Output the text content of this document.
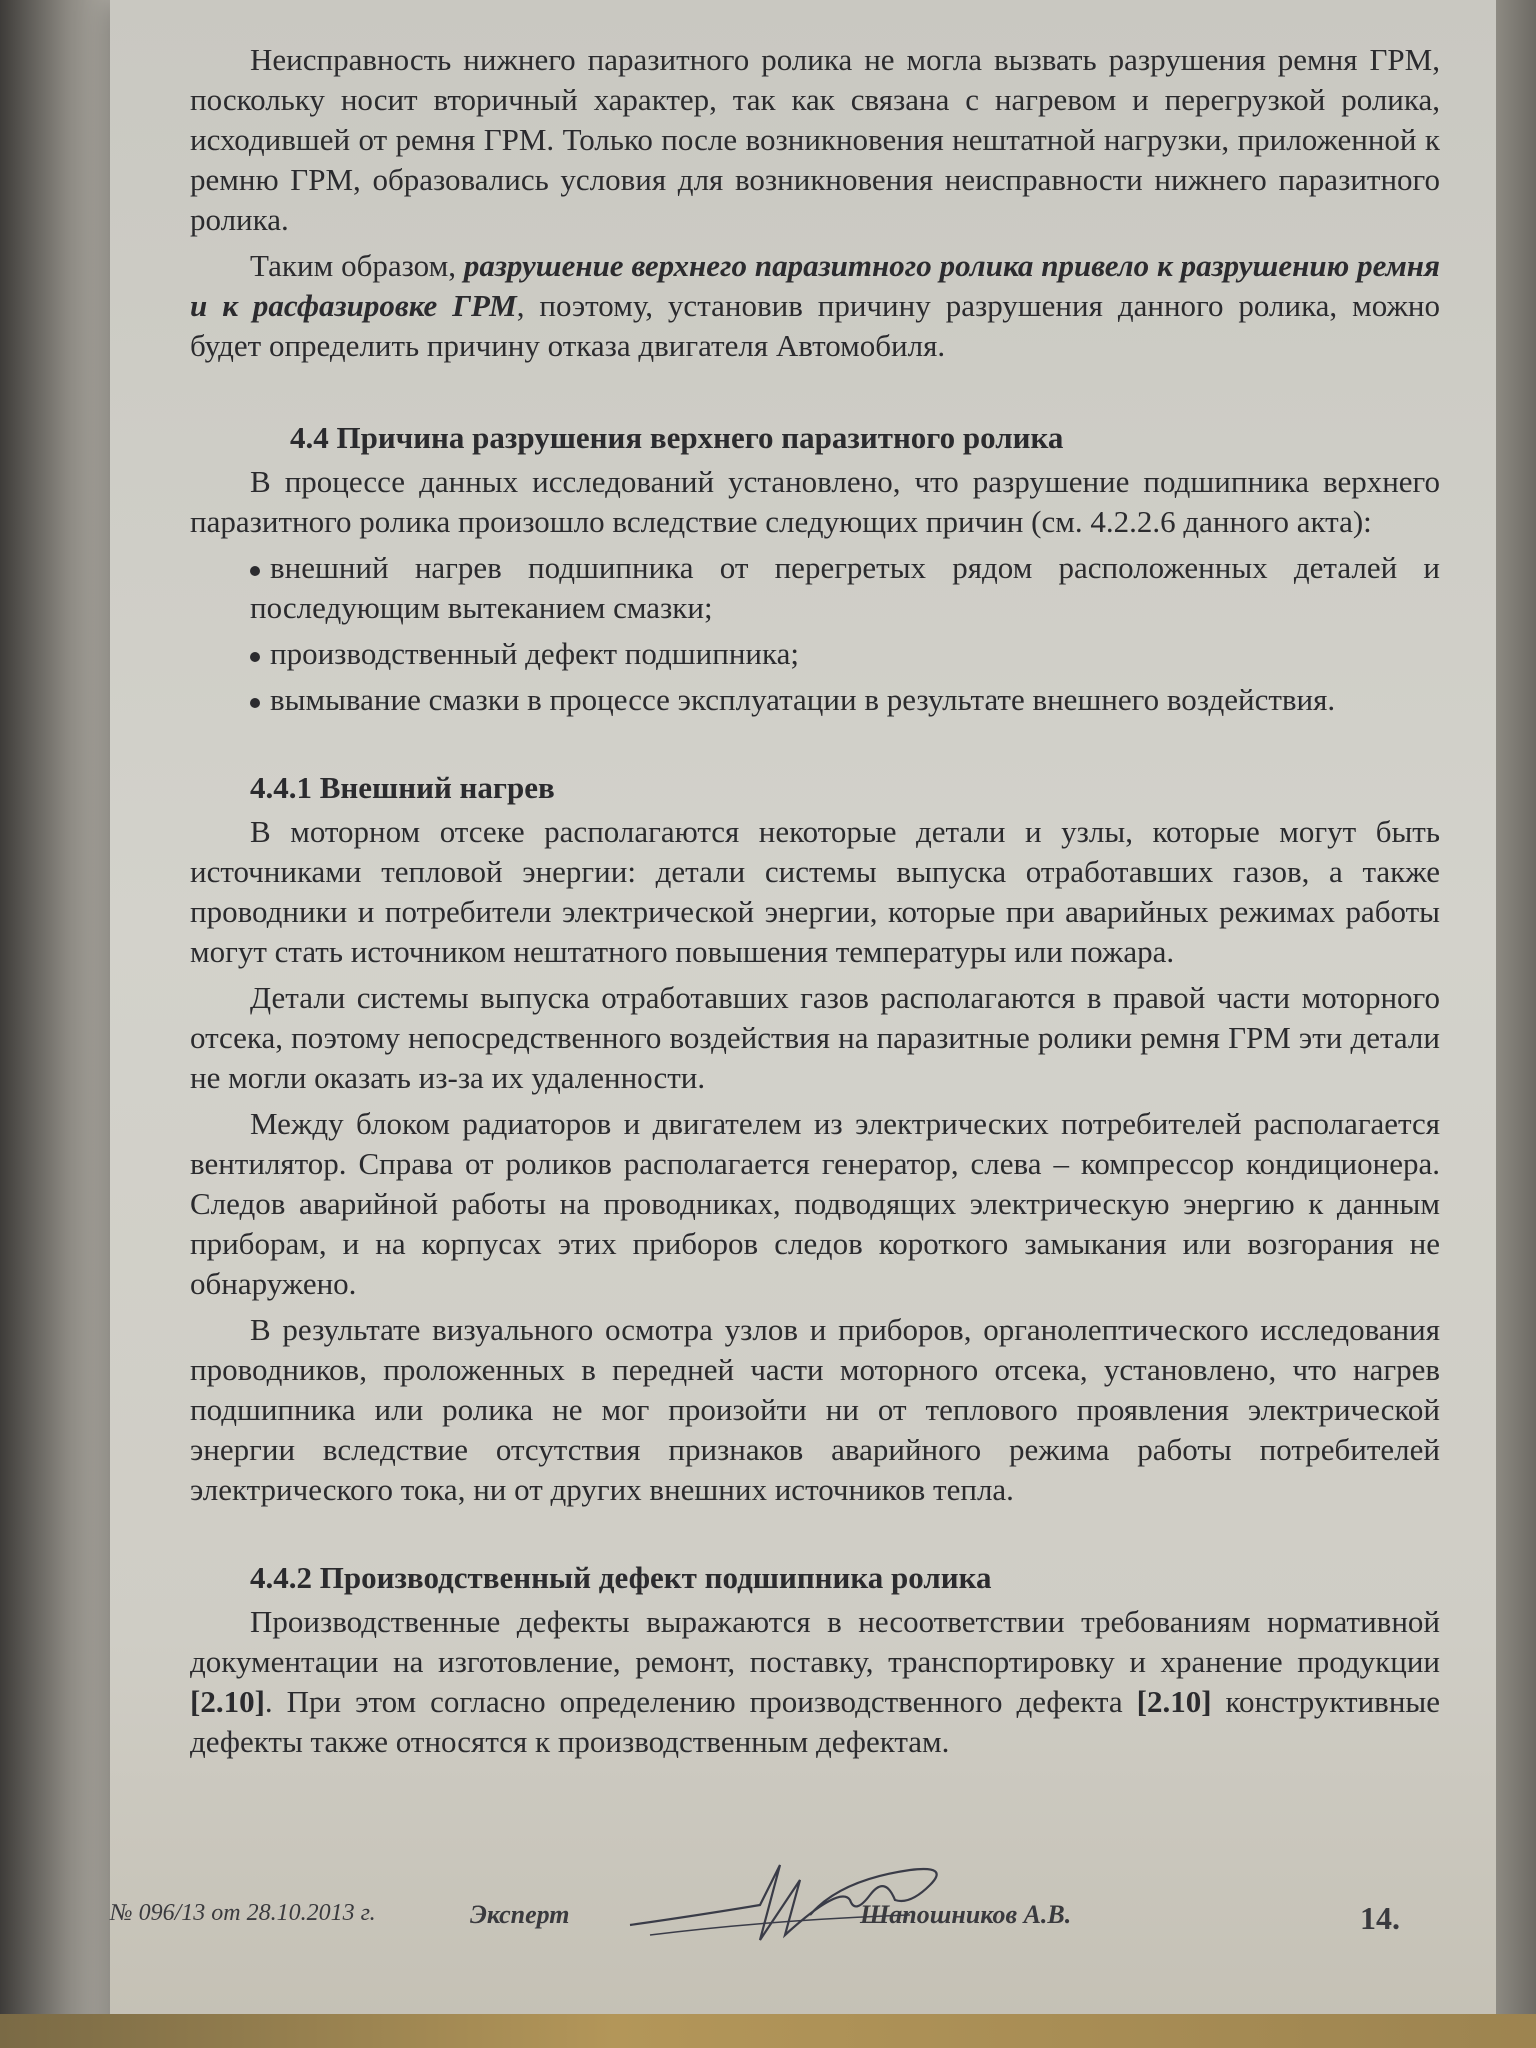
Неисправность нижнего паразитного ролика не могла вызвать разрушения ремня ГРМ, поскольку носит вторичный характер, так как связана с нагревом и перегрузкой ролика, исходившей от ремня ГРМ. Только после возникновения нештатной нагрузки, приложенной к ремню ГРМ, образовались условия для возникновения неисправности нижнего паразитного ролика.

Таким образом, разрушение верхнего паразитного ролика привело к разрушению ремня и к расфазировке ГРМ, поэтому, установив причину разрушения данного ролика, можно будет определить причину отказа двигателя Автомобиля.

4.4 Причина разрушения верхнего паразитного ролика

В процессе данных исследований установлено, что разрушение подшипника верхнего паразитного ролика произошло вследствие следующих причин (см. 4.2.2.6 данного акта):

внешний нагрев подшипника от перегретых рядом расположенных деталей и последующим вытеканием смазки;
производственный дефект подшипника;
вымывание смазки в процессе эксплуатации в результате внешнего воздействия.
4.4.1 Внешний нагрев

В моторном отсеке располагаются некоторые детали и узлы, которые могут быть источниками тепловой энергии: детали системы выпуска отработавших газов, а также проводники и потребители электрической энергии, которые при аварийных режимах работы могут стать источником нештатного повышения температуры или пожара.

Детали системы выпуска отработавших газов располагаются в правой части моторного отсека, поэтому непосредственного воздействия на паразитные ролики ремня ГРМ эти детали не могли оказать из-за их удаленности.

Между блоком радиаторов и двигателем из электрических потребителей располагается вентилятор. Справа от роликов располагается генератор, слева – компрессор кондиционера. Следов аварийной работы на проводниках, подводящих электрическую энергию к данным приборам, и на корпусах этих приборов следов короткого замыкания или возгорания не обнаружено.

В результате визуального осмотра узлов и приборов, органолептического исследования проводников, проложенных в передней части моторного отсека, установлено, что нагрев подшипника или ролика не мог произойти ни от теплового проявления электрической энергии вследствие отсутствия признаков аварийного режима работы потребителей электрического тока, ни от других внешних источников тепла.

4.4.2 Производственный дефект подшипника ролика

Производственные дефекты выражаются в несоответствии требованиям нормативной документации на изготовление, ремонт, поставку, транспортировку и хранение продукции [2.10]. При этом согласно определению производственного дефекта [2.10] конструктивные дефекты также относятся к производственным дефектам.

№ 096/13 от 28.10.2013 г.	Эксперт	Шапошников А.В.	14.
